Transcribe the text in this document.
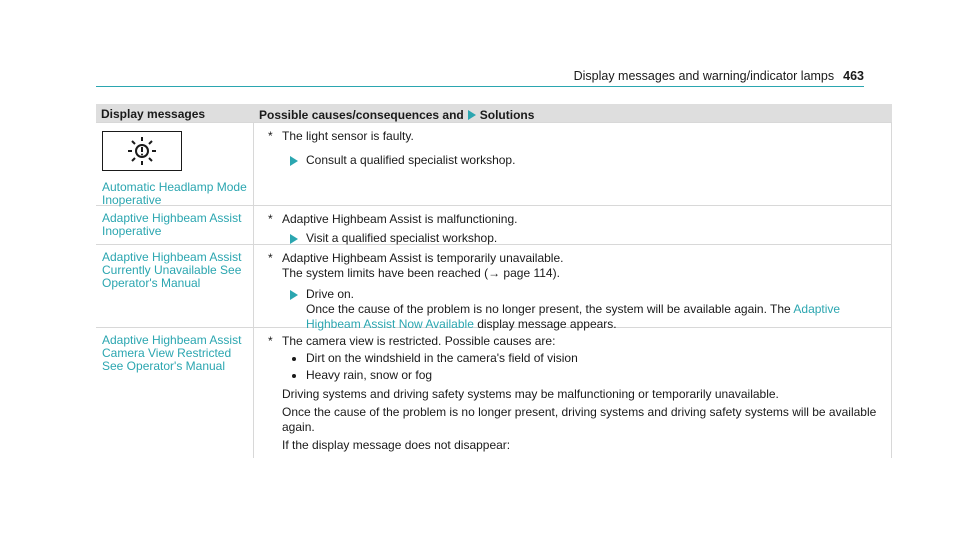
Display messages and warning/indicator lamps 463
Display messages	Possible causes/consequences and Solutions
Automatic Headlamp Mode Inoperative
* The light sensor is faulty.
Consult a qualified specialist workshop.
Adaptive Highbeam Assist Inoperative
* Adaptive Highbeam Assist is malfunctioning.
Visit a qualified specialist workshop.
Adaptive Highbeam Assist Currently Unavailable See Operator's Manual
* Adaptive Highbeam Assist is temporarily unavailable.
The system limits have been reached (→ page 114).
Drive on.
Once the cause of the problem is no longer present, the system will be available again. The Adaptive Highbeam Assist Now Available display message appears.
Adaptive Highbeam Assist Camera View Restricted See Operator's Manual
* The camera view is restricted. Possible causes are:
Dirt on the windshield in the camera's field of vision
Heavy rain, snow or fog
Driving systems and driving safety systems may be malfunctioning or temporarily unavailable.
Once the cause of the problem is no longer present, driving systems and driving safety systems will be available again.
If the display message does not disappear:
